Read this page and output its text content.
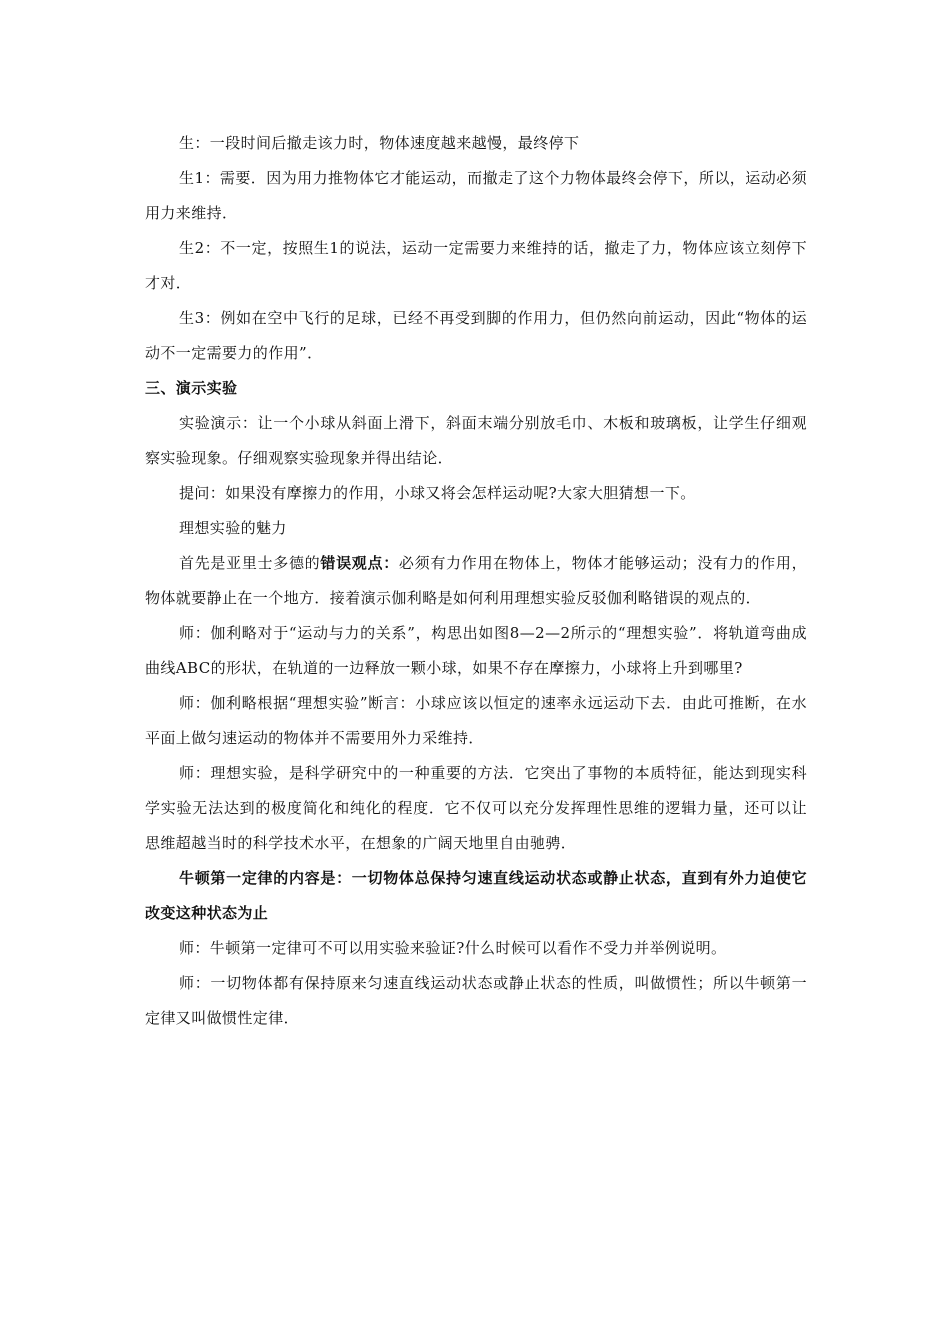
生：一段时间后撤走该力时，物体速度越来越慢，最终停下

生1：需要．因为用力推物体它才能运动，而撤走了这个力物体最终会停下，所以，运动必须用力来维持．

生2：不一定，按照生1的说法，运动一定需要力来维持的话，撤走了力，物体应该立刻停下才对．

生3：例如在空中飞行的足球，已经不再受到脚的作用力，但仍然向前运动，因此“物体的运动不一定需要力的作用”．

三、演示实验

实验演示：让一个小球从斜面上滑下，斜面末端分别放毛巾、木板和玻璃板，让学生仔细观察实验现象。仔细观察实验现象并得出结论．

提问：如果没有摩擦力的作用，小球又将会怎样运动呢?大家大胆猜想一下。

理想实验的魅力

首先是亚里士多德的错误观点：必须有力作用在物体上，物体才能够运动；没有力的作用，物体就要静止在一个地方．接着演示伽利略是如何利用理想实验反驳伽利略错误的观点的．

师：伽利略对于“运动与力的关系”，构思出如图8—2—2所示的“理想实验”．将轨道弯曲成曲线ABC的形状，在轨道的一边释放一颗小球，如果不存在摩擦力，小球将上升到哪里?

师：伽利略根据“理想实验”断言：小球应该以恒定的速率永远运动下去．由此可推断，在水平面上做匀速运动的物体并不需要用外力采维持．

师：理想实验，是科学研究中的一种重要的方法．它突出了事物的本质特征，能达到现实科学实验无法达到的极度简化和纯化的程度．它不仅可以充分发挥理性思维的逻辑力量，还可以让思维超越当时的科学技术水平，在想象的广阔天地里自由驰骋．

牛顿第一定律的内容是：一切物体总保持匀速直线运动状态或静止状态，直到有外力迫使它改变这种状态为止

师：牛顿第一定律可不可以用实验来验证?什么时候可以看作不受力并举例说明。

师：一切物体都有保持原来匀速直线运动状态或静止状态的性质，叫做惯性；所以牛顿第一定律又叫做惯性定律．
